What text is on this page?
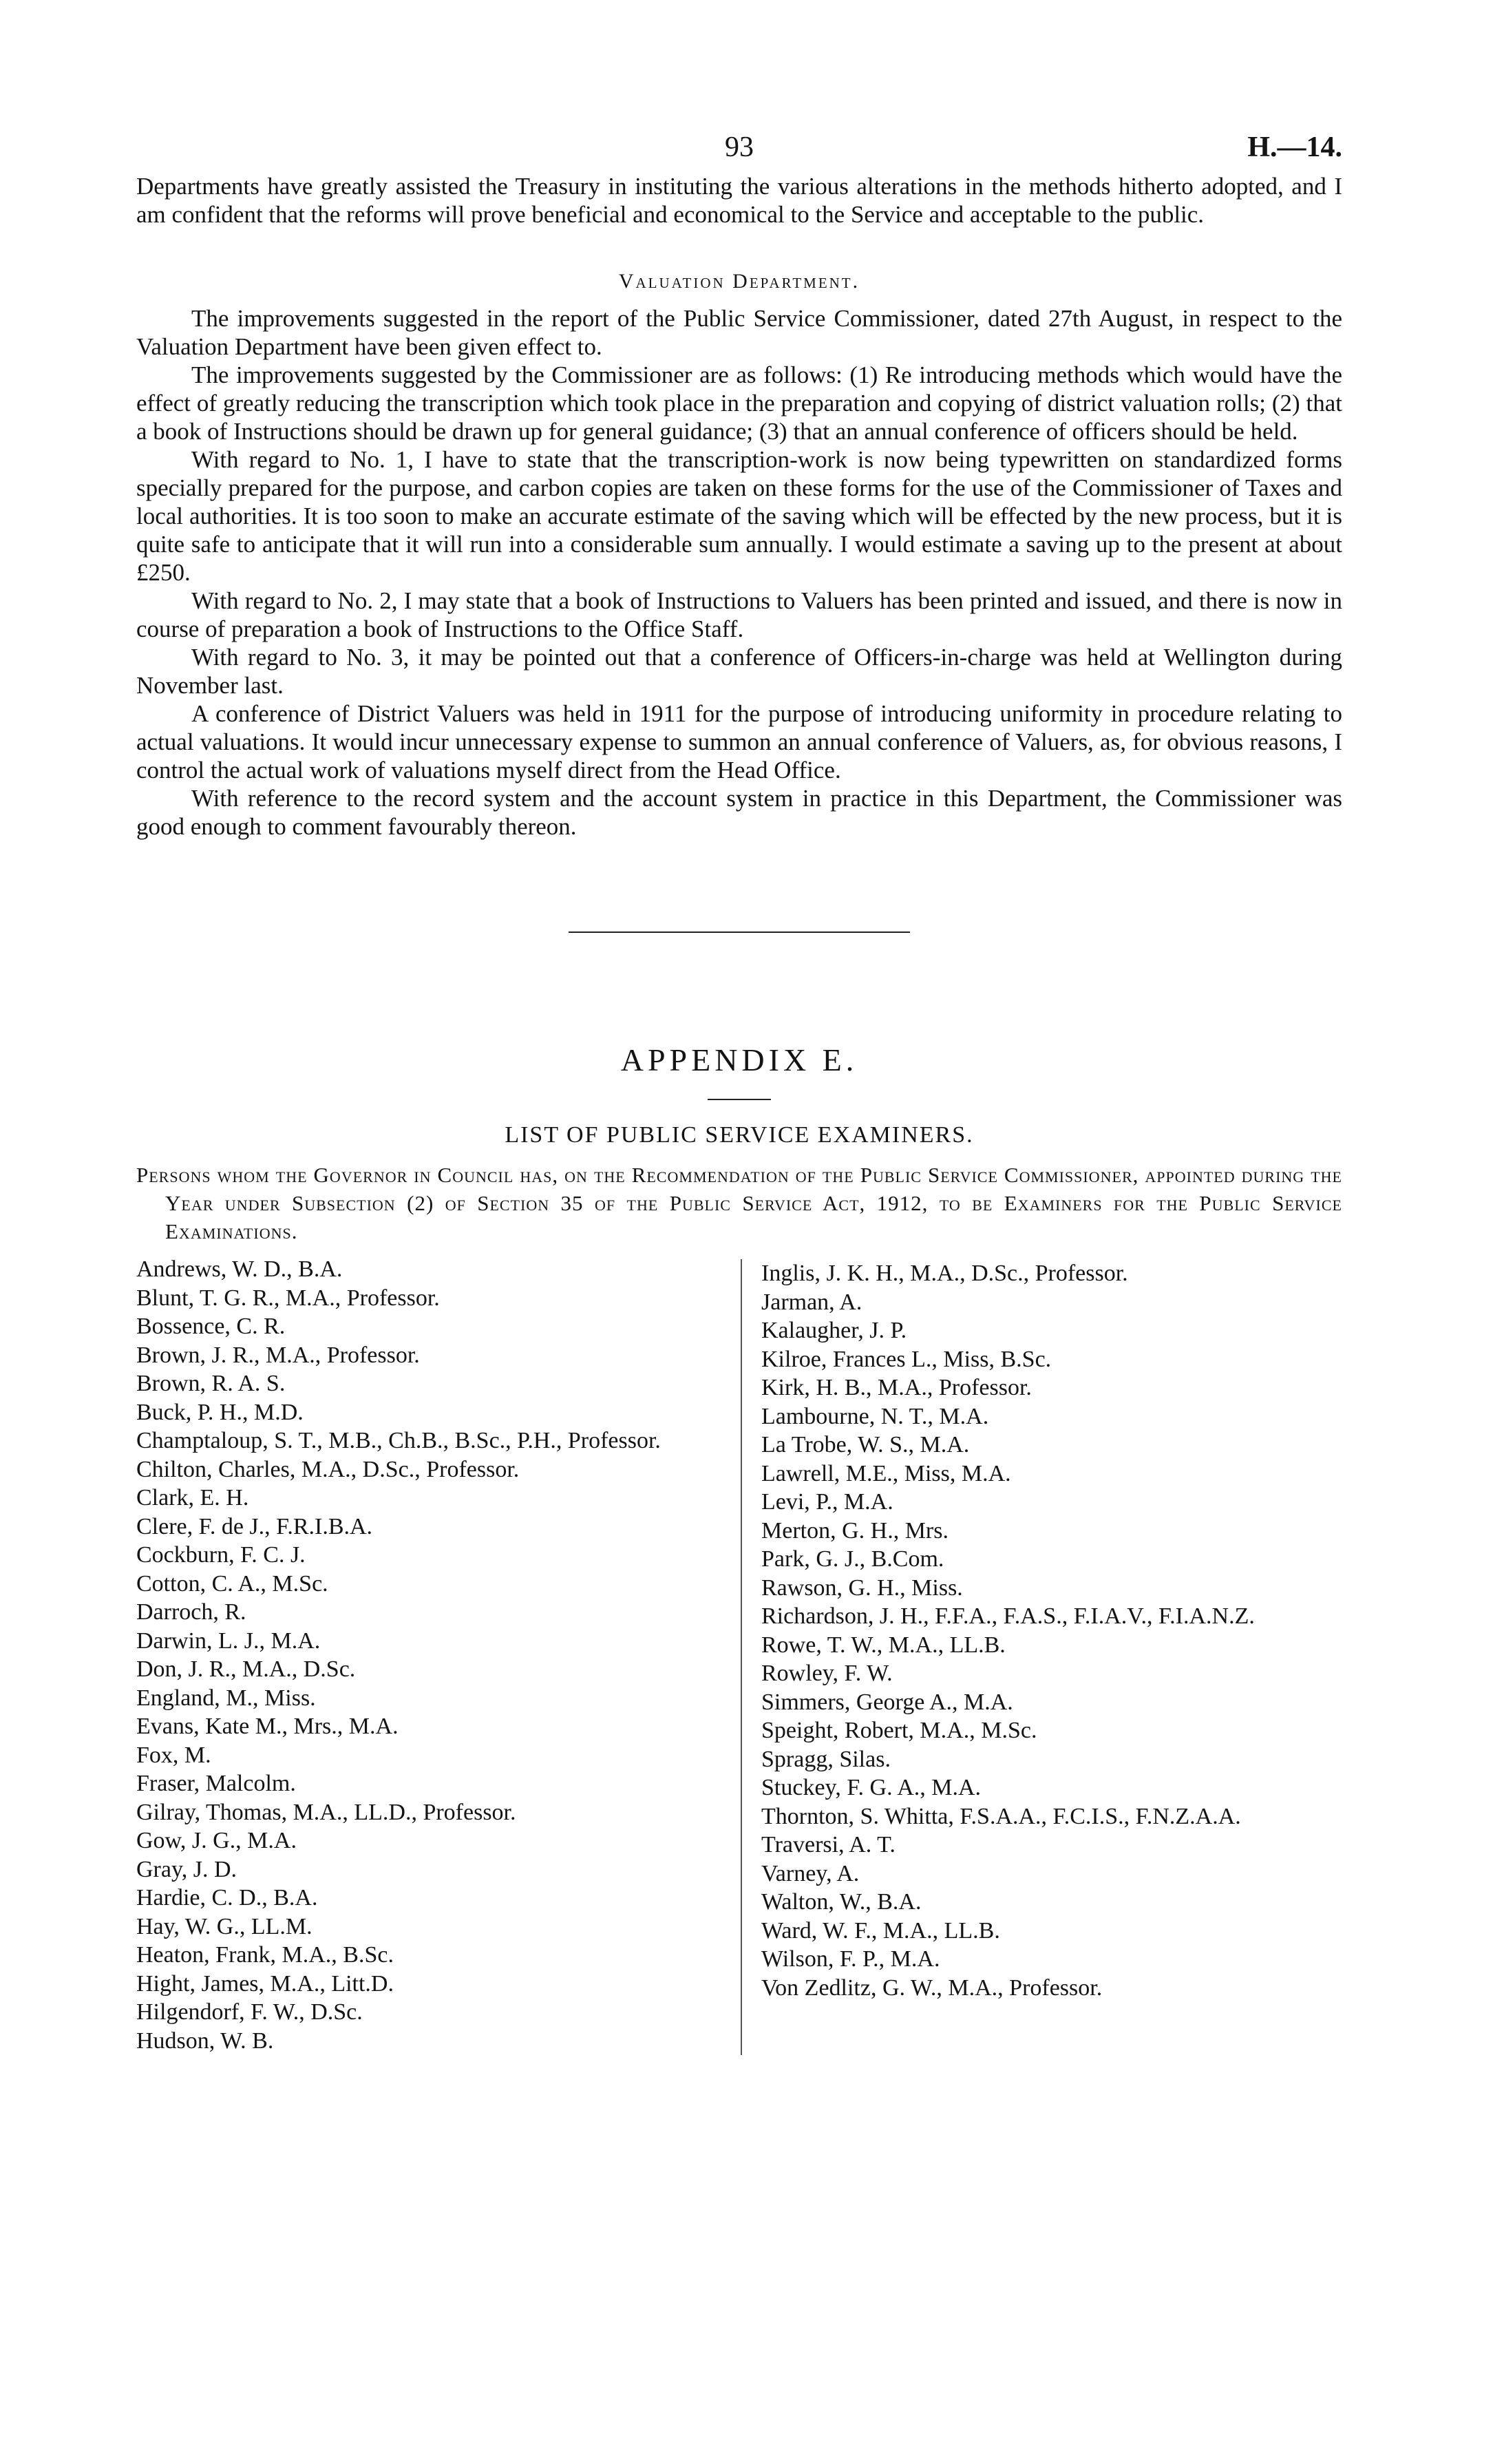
93	H.—14.

Departments have greatly assisted the Treasury in instituting the various alterations in the methods hitherto adopted, and I am confident that the reforms will prove beneficial and economical to the Service and acceptable to the public.

Valuation Department.

The improvements suggested in the report of the Public Service Commissioner, dated 27th August, in respect to the Valuation Department have been given effect to.

The improvements suggested by the Commissioner are as follows: (1) Re introducing methods which would have the effect of greatly reducing the transcription which took place in the preparation and copying of district valuation rolls; (2) that a book of Instructions should be drawn up for general guidance; (3) that an annual conference of officers should be held.

With regard to No. 1, I have to state that the transcription-work is now being typewritten on standardized forms specially prepared for the purpose, and carbon copies are taken on these forms for the use of the Commissioner of Taxes and local authorities. It is too soon to make an accurate estimate of the saving which will be effected by the new process, but it is quite safe to anticipate that it will run into a considerable sum annually. I would estimate a saving up to the present at about £250.

With regard to No. 2, I may state that a book of Instructions to Valuers has been printed and issued, and there is now in course of preparation a book of Instructions to the Office Staff.

With regard to No. 3, it may be pointed out that a conference of Officers-in-charge was held at Wellington during November last.

A conference of District Valuers was held in 1911 for the purpose of introducing uniformity in procedure relating to actual valuations. It would incur unnecessary expense to summon an annual conference of Valuers, as, for obvious reasons, I control the actual work of valuations myself direct from the Head Office.

With reference to the record system and the account system in practice in this Department, the Commissioner was good enough to comment favourably thereon.

APPENDIX E.
LIST OF PUBLIC SERVICE EXAMINERS.
Persons whom the Governor in Council has, on the Recommendation of the Public Service Commissioner, appointed during the Year under Subsection (2) of Section 35 of the Public Service Act, 1912, to be Examiners for the Public Service Examinations.
Andrews, W. D., B.A.
Blunt, T. G. R., M.A., Professor.
Bossence, C. R.
Brown, J. R., M.A., Professor.
Brown, R. A. S.
Buck, P. H., M.D.
Champtaloup, S. T., M.B., Ch.B., B.Sc., P.H., Professor.
Chilton, Charles, M.A., D.Sc., Professor.
Clark, E. H.
Clere, F. de J., F.R.I.B.A.
Cockburn, F. C. J.
Cotton, C. A., M.Sc.
Darroch, R.
Darwin, L. J., M.A.
Don, J. R., M.A., D.Sc.
England, M., Miss.
Evans, Kate M., Mrs., M.A.
Fox, M.
Fraser, Malcolm.
Gilray, Thomas, M.A., LL.D., Professor.
Gow, J. G., M.A.
Gray, J. D.
Hardie, C. D., B.A.
Hay, W. G., LL.M.
Heaton, Frank, M.A., B.Sc.
Hight, James, M.A., Litt.D.
Hilgendorf, F. W., D.Sc.
Hudson, W. B.
Inglis, J. K. H., M.A., D.Sc., Professor.
Jarman, A.
Kalaugher, J. P.
Kilroe, Frances L., Miss, B.Sc.
Kirk, H. B., M.A., Professor.
Lambourne, N. T., M.A.
La Trobe, W. S., M.A.
Lawrell, M.E., Miss, M.A.
Levi, P., M.A.
Merton, G. H., Mrs.
Park, G. J., B.Com.
Rawson, G. H., Miss.
Richardson, J. H., F.F.A., F.A.S., F.I.A.V., F.I.A.N.Z.
Rowe, T. W., M.A., LL.B.
Rowley, F. W.
Simmers, George A., M.A.
Speight, Robert, M.A., M.Sc.
Spragg, Silas.
Stuckey, F. G. A., M.A.
Thornton, S. Whitta, F.S.A.A., F.C.I.S., F.N.Z.A.A.
Traversi, A. T.
Varney, A.
Walton, W., B.A.
Ward, W. F., M.A., LL.B.
Wilson, F. P., M.A.
Von Zedlitz, G. W., M.A., Professor.
